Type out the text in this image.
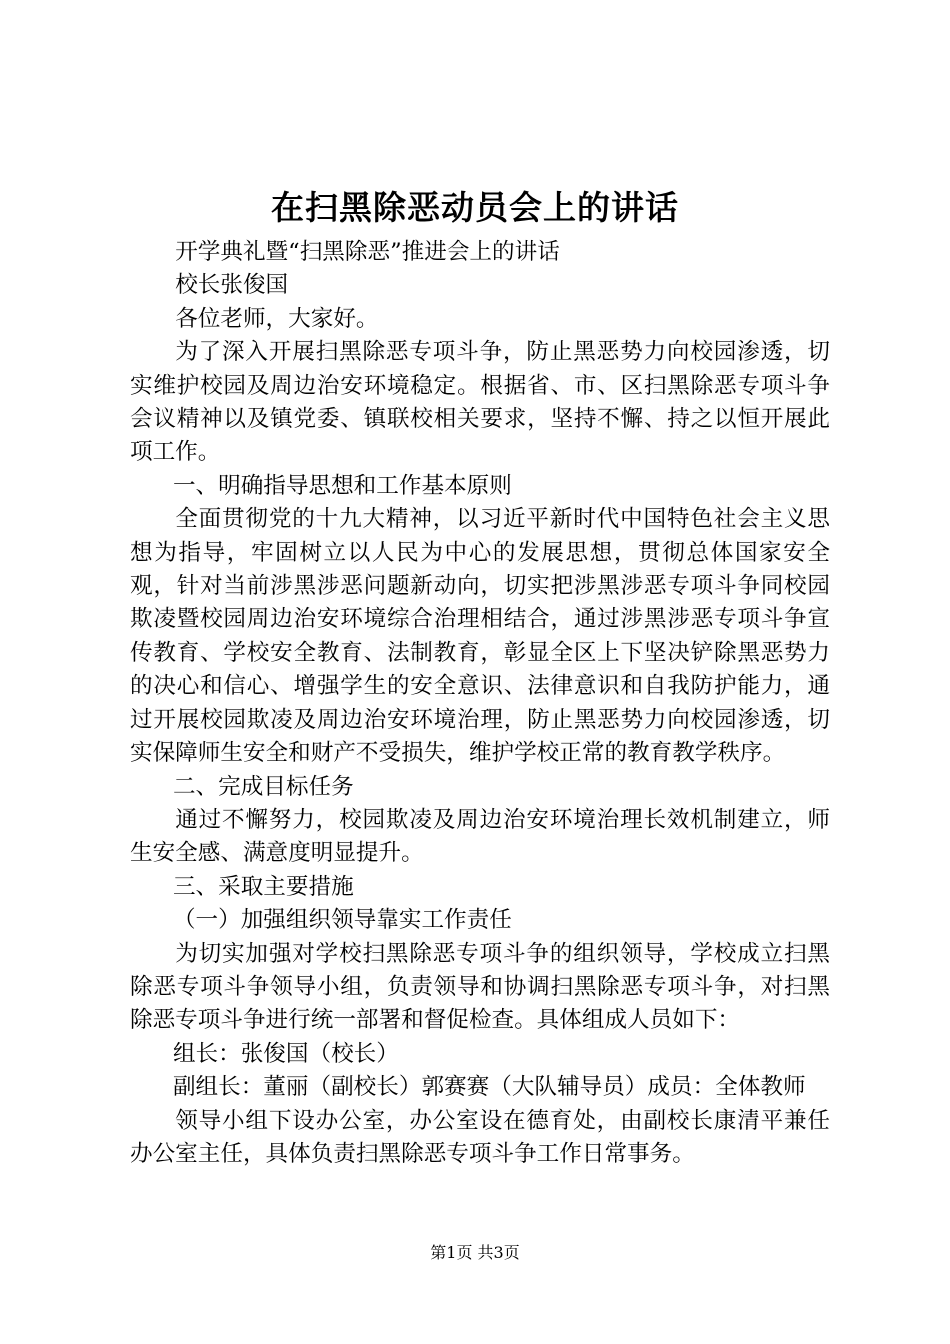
在扫黑除恶动员会上的讲话

开学典礼暨“扫黑除恶”推进会上的讲话

校长张俊国

各位老师，大家好。

为了深入开展扫黑除恶专项斗争，防止黑恶势力向校园渗透，切实维护校园及周边治安环境稳定。根据省、市、区扫黑除恶专项斗争会议精神以及镇党委、镇联校相关要求，坚持不懈、持之以恒开展此项工作。

一、明确指导思想和工作基本原则

全面贯彻党的十九大精神，以习近平新时代中国特色社会主义思想为指导，牢固树立以人民为中心的发展思想，贯彻总体国家安全观，针对当前涉黑涉恶问题新动向，切实把涉黑涉恶专项斗争同校园欺凌暨校园周边治安环境综合治理相结合，通过涉黑涉恶专项斗争宣传教育、学校安全教育、法制教育，彰显全区上下坚决铲除黑恶势力的决心和信心、增强学生的安全意识、法律意识和自我防护能力，通过开展校园欺凌及周边治安环境治理，防止黑恶势力向校园渗透，切实保障师生安全和财产不受损失，维护学校正常的教育教学秩序。

二、完成目标任务

通过不懈努力，校园欺凌及周边治安环境治理长效机制建立，师生安全感、满意度明显提升。

三、采取主要措施

（一）加强组织领导靠实工作责任

为切实加强对学校扫黑除恶专项斗争的组织领导，学校成立扫黑除恶专项斗争领导小组，负责领导和协调扫黑除恶专项斗争，对扫黑除恶专项斗争进行统一部署和督促检查。具体组成人员如下：

组长：张俊国（校长）

副组长：董丽（副校长）郭赛赛（大队辅导员）成员：全体教师

领导小组下设办公室，办公室设在德育处，由副校长康清平兼任办公室主任，具体负责扫黑除恶专项斗争工作日常事务。

第1页 共3页
